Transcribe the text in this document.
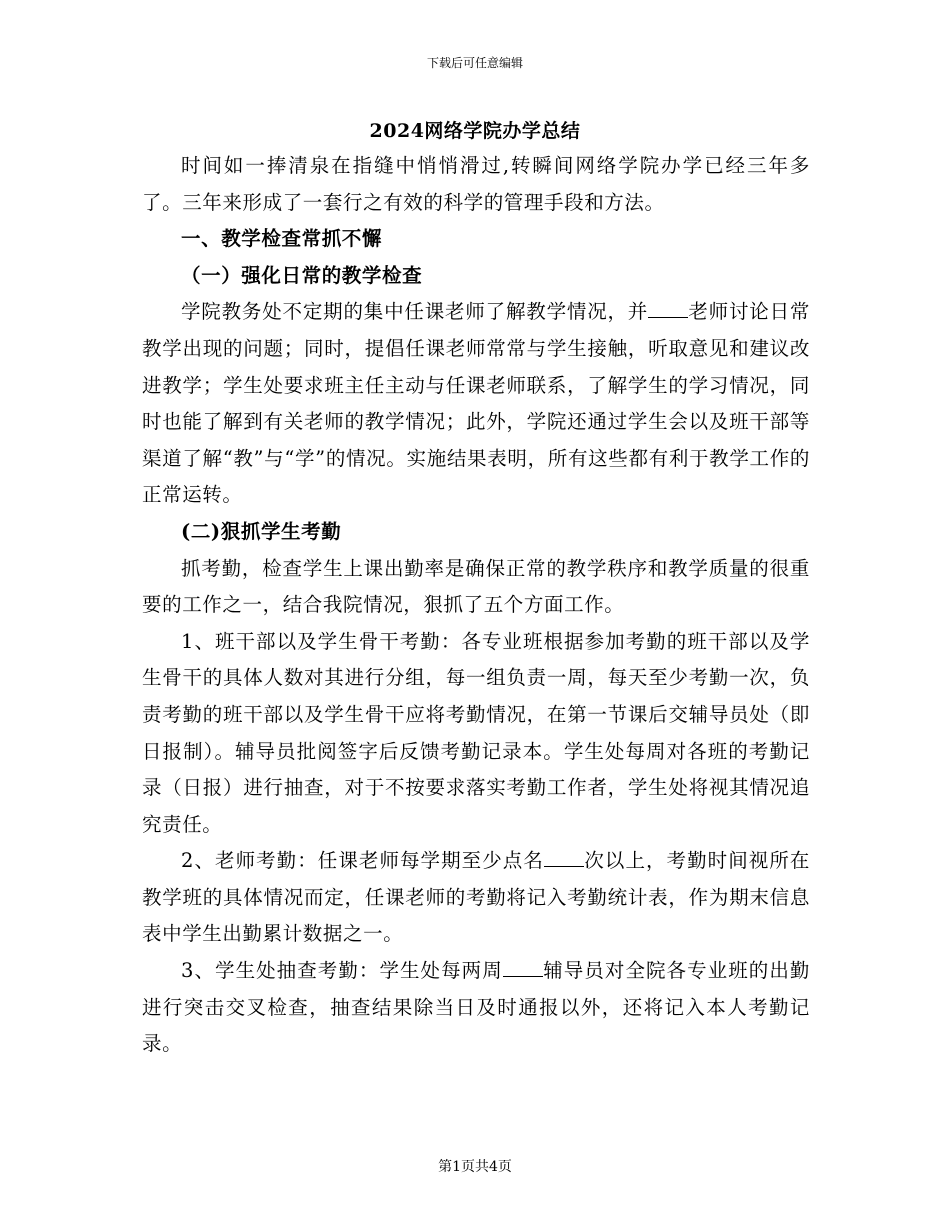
下载后可任意编辑
2024网络学院办学总结

时间如一捧清泉在指缝中悄悄滑过,转瞬间网络学院办学已经三年多了。三年来形成了一套行之有效的科学的管理手段和方法。

一、教学检查常抓不懈

（一）强化日常的教学检查

学院教务处不定期的集中任课老师了解教学情况，并 老师讨论日常教学出现的问题；同时，提倡任课老师常常与学生接触，听取意见和建议改进教学；学生处要求班主任主动与任课老师联系，了解学生的学习情况，同时也能了解到有关老师的教学情况；此外，学院还通过学生会以及班干部等渠道了解“教”与“学”的情况。实施结果表明，所有这些都有利于教学工作的正常运转。

(二)狠抓学生考勤

抓考勤，检查学生上课出勤率是确保正常的教学秩序和教学质量的很重要的工作之一，结合我院情况，狠抓了五个方面工作。

1、班干部以及学生骨干考勤：各专业班根据参加考勤的班干部以及学生骨干的具体人数对其进行分组，每一组负责一周，每天至少考勤一次，负责考勤的班干部以及学生骨干应将考勤情况，在第一节课后交辅导员处（即日报制）。辅导员批阅签字后反馈考勤记录本。学生处每周对各班的考勤记录（日报）进行抽查，对于不按要求落实考勤工作者，学生处将视其情况追究责任。

2、老师考勤：任课老师每学期至少点名 次以上，考勤时间视所在教学班的具体情况而定，任课老师的考勤将记入考勤统计表，作为期末信息表中学生出勤累计数据之一。

3、学生处抽查考勤：学生处每两周 辅导员对全院各专业班的出勤进行突击交叉检查，抽查结果除当日及时通报以外，还将记入本人考勤记录。

第1页共4页
